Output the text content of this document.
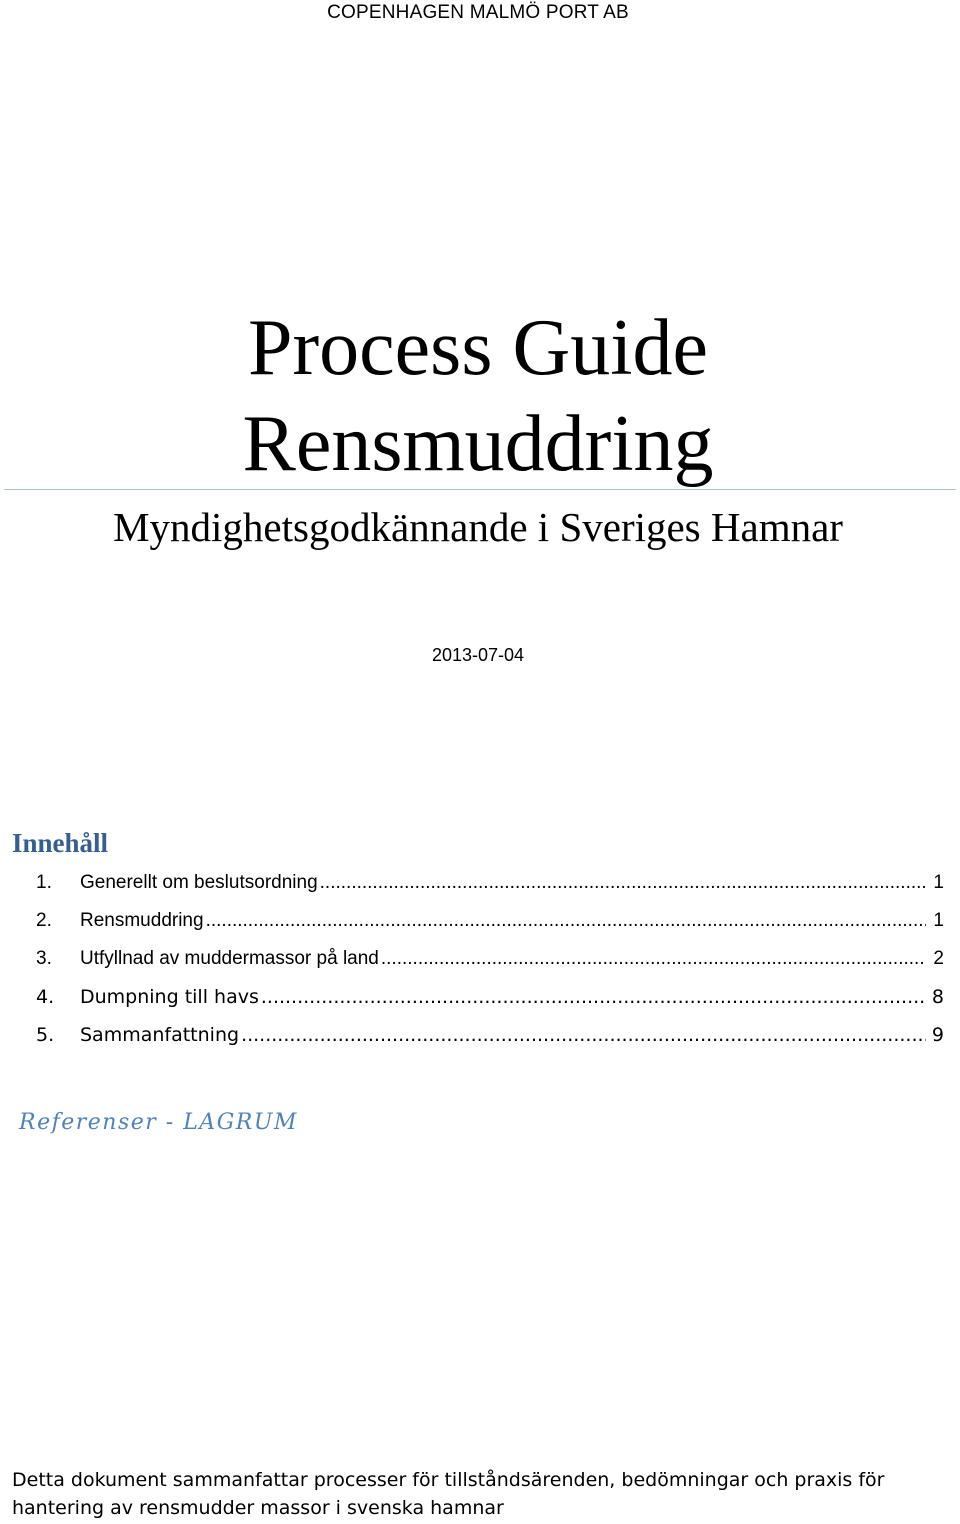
COPENHAGEN MALMÖ PORT AB
Process Guide
Rensmuddring
Myndighetsgodkännande i Sveriges Hamnar
2013-07-04
Innehåll
1.	Generellt om beslutsordning .....	1
2.	Rensmuddring .....	1
3.	Utfyllnad av muddermassor på land .....	2
4.	Dumpning till havs .....	8
5.	Sammanfattning .....	9
Referenser - LAGRUM
Detta dokument sammanfattar processer för tillståndsärenden, bedömningar och praxis för
hantering av rensmudder massor i svenska hamnar
